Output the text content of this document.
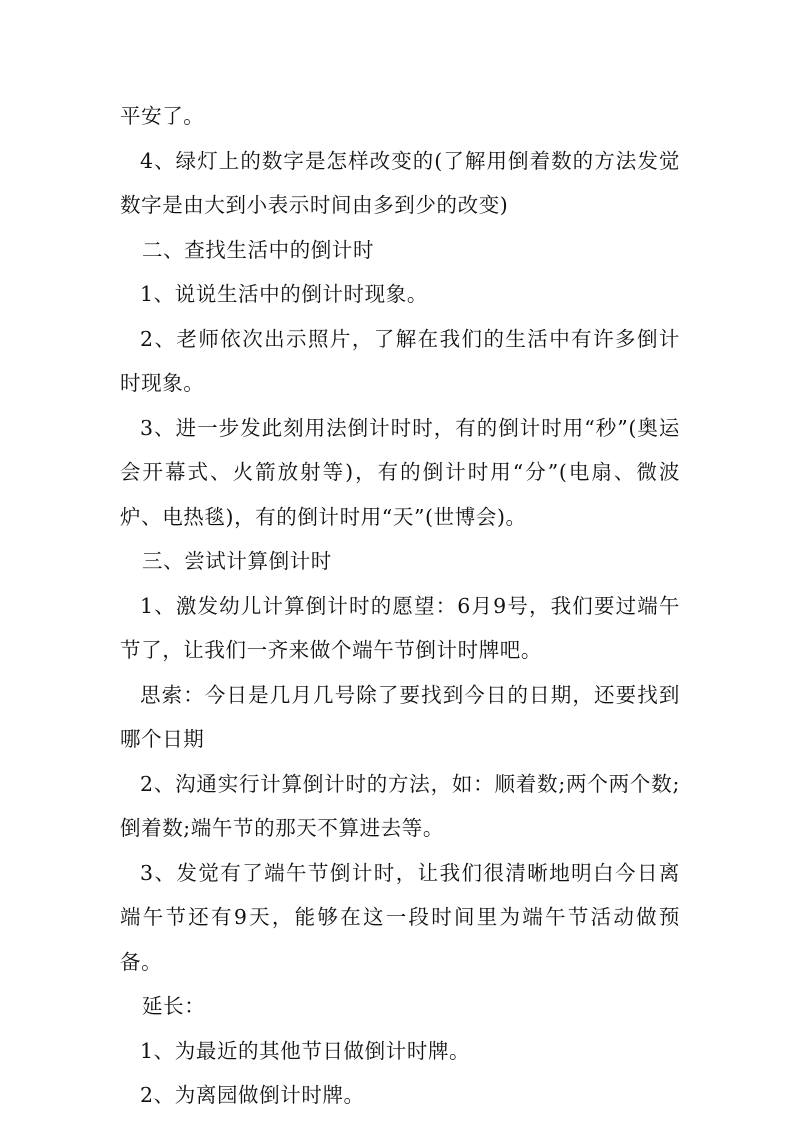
平安了。

4、绿灯上的数字是怎样改变的(了解用倒着数的方法发觉数字是由大到小表示时间由多到少的改变)

二、查找生活中的倒计时

1、说说生活中的倒计时现象。

2、老师依次出示照片，了解在我们的生活中有许多倒计时现象。

3、进一步发此刻用法倒计时时，有的倒计时用“秒”(奥运会开幕式、火箭放射等)，有的倒计时用“分”(电扇、微波炉、电热毯)，有的倒计时用“天”(世博会)。

三、尝试计算倒计时

1、激发幼儿计算倒计时的愿望：6月9号，我们要过端午节了，让我们一齐来做个端午节倒计时牌吧。

思索：今日是几月几号除了要找到今日的日期，还要找到哪个日期

2、沟通实行计算倒计时的方法，如：顺着数;两个两个数;倒着数;端午节的那天不算进去等。

3、发觉有了端午节倒计时，让我们很清晰地明白今日离端午节还有9天，能够在这一段时间里为端午节活动做预备。

延长：

1、为最近的其他节日做倒计时牌。

2、为离园做倒计时牌。
